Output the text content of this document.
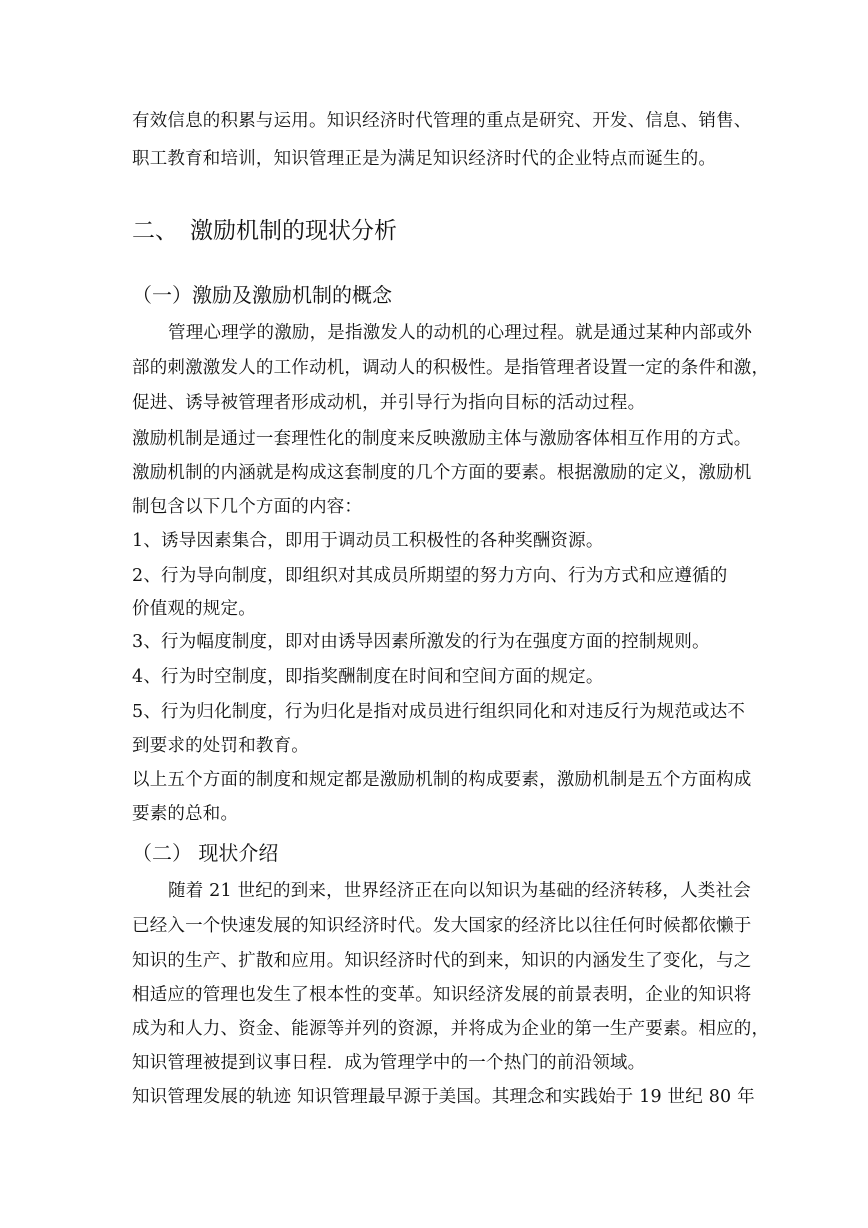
有效信息的积累与运用。知识经济时代管理的重点是研究、开发、信息、销售、
职工教育和培训，知识管理正是为满足知识经济时代的企业特点而诞生的。
二、 激励机制的现状分析
（一）激励及激励机制的概念
管理心理学的激励，是指激发人的动机的心理过程。就是通过某种内部或外
部的刺激激发人的工作动机，调动人的积极性。是指管理者设置一定的条件和激，
促进、诱导被管理者形成动机，并引导行为指向目标的活动过程。
激励机制是通过一套理性化的制度来反映激励主体与激励客体相互作用的方式。
激励机制的内涵就是构成这套制度的几个方面的要素。根据激励的定义，激励机
制包含以下几个方面的内容：
1、诱导因素集合，即用于调动员工积极性的各种奖酬资源。
2、行为导向制度，即组织对其成员所期望的努力方向、行为方式和应遵循的
价值观的规定。
3、行为幅度制度，即对由诱导因素所激发的行为在强度方面的控制规则。
4、行为时空制度，即指奖酬制度在时间和空间方面的规定。
5、行为归化制度，行为归化是指对成员进行组织同化和对违反行为规范或达不
到要求的处罚和教育。
以上五个方面的制度和规定都是激励机制的构成要素，激励机制是五个方面构成
要素的总和。
（二） 现状介绍
随着 21 世纪的到来，世界经济正在向以知识为基础的经济转移，人类社会
已经入一个快速发展的知识经济时代。发大国家的经济比以往任何时候都依懒于
知识的生产、扩散和应用。知识经济时代的到来，知识的内涵发生了变化，与之
相适应的管理也发生了根本性的变革。知识经济发展的前景表明，企业的知识将
成为和人力、资金、能源等并列的资源，并将成为企业的第一生产要素。相应的，
知识管理被提到议事日程．成为管理学中的一个热门的前沿领域。
知识管理发展的轨迹 知识管理最早源于美国。其理念和实践始于 19 世纪 80 年
